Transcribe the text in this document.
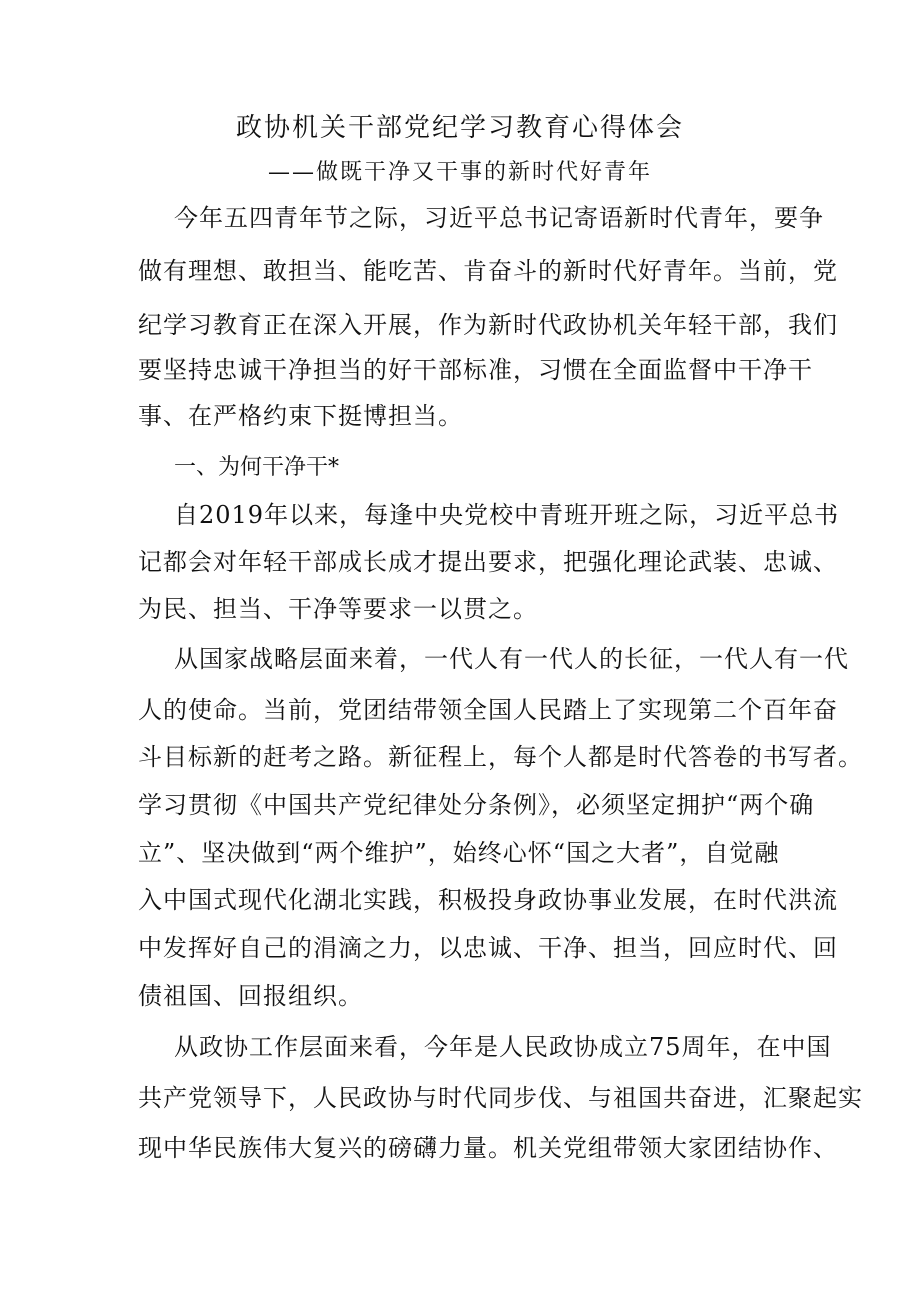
政协机关干部党纪学习教育心得体会
——做既干净又干事的新时代好青年
今年五四青年节之际，习近平总书记寄语新时代青年，要争
做有理想、敢担当、能吃苦、肯奋斗的新时代好青年。当前，党
纪学习教育正在深入开展，作为新时代政协机关年轻干部，我们
要坚持忠诚干净担当的好干部标准，习惯在全面监督中干净干
事、在严格约束下挺博担当。
一、为何干净干*
自2019年以来，每逢中央党校中青班开班之际，习近平总书
记都会对年轻干部成长成才提出要求，把强化理论武装、忠诚、
为民、担当、干净等要求一以贯之。
从国家战略层面来着，一代人有一代人的长征，一代人有一代
人的使命。当前，党团结带领全国人民踏上了实现第二个百年奋
斗目标新的赶考之路。新征程上，每个人都是时代答卷的书写者。
学习贯彻《中国共产党纪律处分条例》，必须坚定拥护“两个确
立”、坚决做到“两个维护”，始终心怀“国之大者”，自觉融
入中国式现代化湖北实践，积极投身政协事业发展，在时代洪流
中发挥好自己的涓滴之力，以忠诚、干净、担当，回应时代、回
债祖国、回报组织。
从政协工作层面来看，今年是人民政协成立75周年，在中国
共产党领导下，人民政协与时代同步伐、与祖国共奋进，汇聚起实
现中华民族伟大复兴的磅礴力量。机关党组带领大家团结协作、
